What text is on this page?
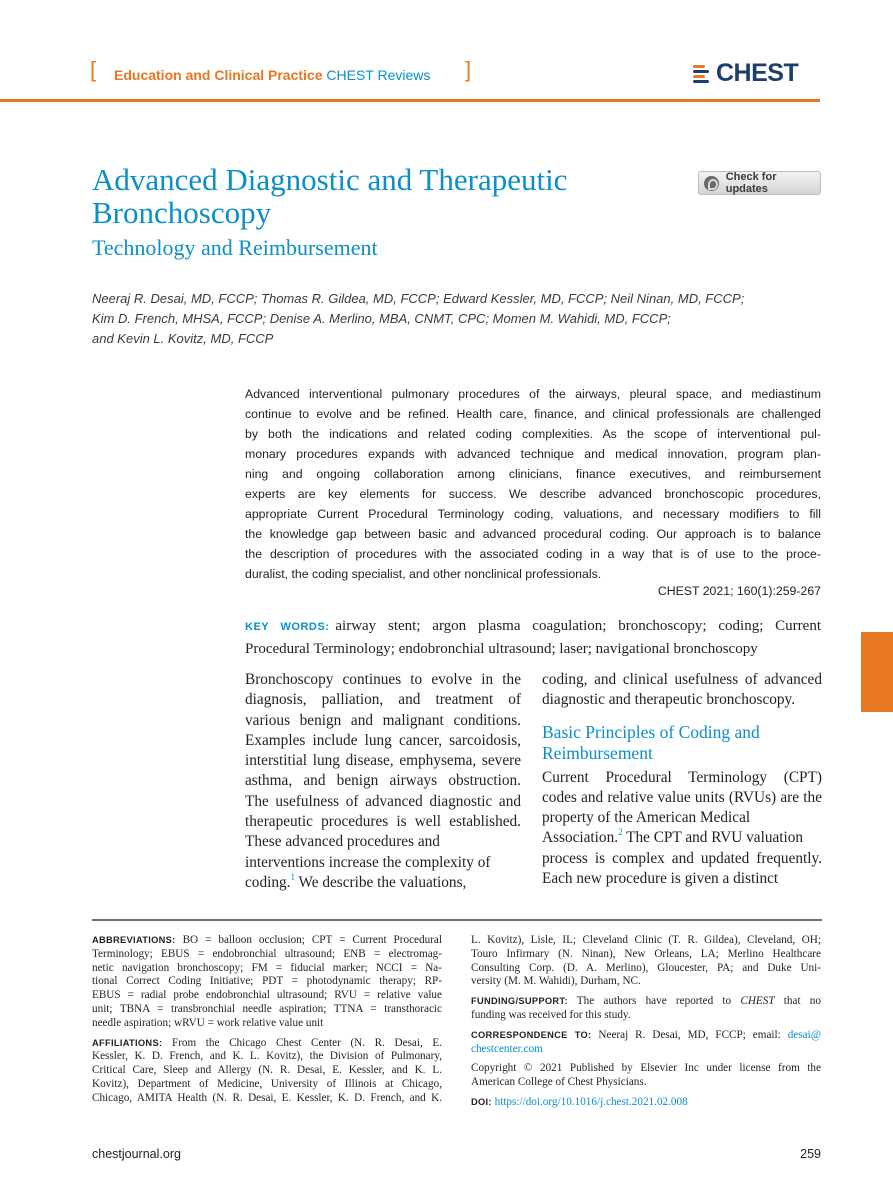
[ Education and Clinical Practice CHEST Reviews ]	CHEST
Advanced Diagnostic and Therapeutic Bronchoscopy
Technology and Reimbursement
Check for updates
Neeraj R. Desai, MD, FCCP; Thomas R. Gildea, MD, FCCP; Edward Kessler, MD, FCCP; Neil Ninan, MD, FCCP;
Kim D. French, MHSA, FCCP; Denise A. Merlino, MBA, CNMT, CPC; Momen M. Wahidi, MD, FCCP;
and Kevin L. Kovitz, MD, FCCP
Advanced interventional pulmonary procedures of the airways, pleural space, and mediastinum
continue to evolve and be refined. Health care, finance, and clinical professionals are challenged
by both the indications and related coding complexities. As the scope of interventional pul-
monary procedures expands with advanced technique and medical innovation, program plan-
ning and ongoing collaboration among clinicians, finance executives, and reimbursement
experts are key elements for success. We describe advanced bronchoscopic procedures,
appropriate Current Procedural Terminology coding, valuations, and necessary modifiers to fill
the knowledge gap between basic and advanced procedural coding. Our approach is to balance
the description of procedures with the associated coding in a way that is of use to the proce-
duralist, the coding specialist, and other nonclinical professionals.
CHEST 2021; 160(1):259-267
KEY WORDS: airway stent; argon plasma coagulation; bronchoscopy; coding; Current
Procedural Terminology; endobronchial ultrasound; laser; navigational bronchoscopy
Bronchoscopy continues to evolve in the
diagnosis, palliation, and treatment of
various benign and malignant conditions.
Examples include lung cancer, sarcoidosis,
interstitial lung disease, emphysema, severe
asthma, and benign airways obstruction.
The usefulness of advanced diagnostic and
therapeutic procedures is well established.
These advanced procedures and
interventions increase the complexity of
coding.$^1$ We describe the valuations,
coding, and clinical usefulness of advanced
diagnostic and therapeutic bronchoscopy.
Basic Principles of Coding and
Reimbursement
Current Procedural Terminology (CPT)
codes and relative value units (RVUs) are the
property of the American Medical
Association.$^2$ The CPT and RVU valuation
process is complex and updated frequently.
Each new procedure is given a distinct
ABBREVIATIONS: BO = balloon occlusion; CPT = Current Procedural
Terminology; EBUS = endobronchial ultrasound; ENB = electromag-
netic navigation bronchoscopy; FM = fiducial marker; NCCI = Na-
tional Correct Coding Initiative; PDT = photodynamic therapy; RP-
EBUS = radial probe endobronchial ultrasound; RVU = relative value
unit; TBNA = transbronchial needle aspiration; TTNA = transthoracic
needle aspiration; wRVU = work relative value unit
AFFILIATIONS: From the Chicago Chest Center (N. R. Desai, E.
Kessler, K. D. French, and K. L. Kovitz), the Division of Pulmonary,
Critical Care, Sleep and Allergy (N. R. Desai, E. Kessler, and K. L.
Kovitz), Department of Medicine, University of Illinois at Chicago,
Chicago, AMITA Health (N. R. Desai, E. Kessler, K. D. French, and K.
L. Kovitz), Lisle, IL; Cleveland Clinic (T. R. Gildea), Cleveland, OH;
Touro Infirmary (N. Ninan), New Orleans, LA; Merlino Healthcare
Consulting Corp. (D. A. Merlino), Gloucester, PA; and Duke Uni-
versity (M. M. Wahidi), Durham, NC.
FUNDING/SUPPORT: The authors have reported to CHEST that no
funding was received for this study.
CORRESPONDENCE TO: Neeraj R. Desai, MD, FCCP; email: desai@
chestcenter.com
Copyright © 2021 Published by Elsevier Inc under license from the
American College of Chest Physicians.
DOI: https://doi.org/10.1016/j.chest.2021.02.008
chestjournal.org	259
